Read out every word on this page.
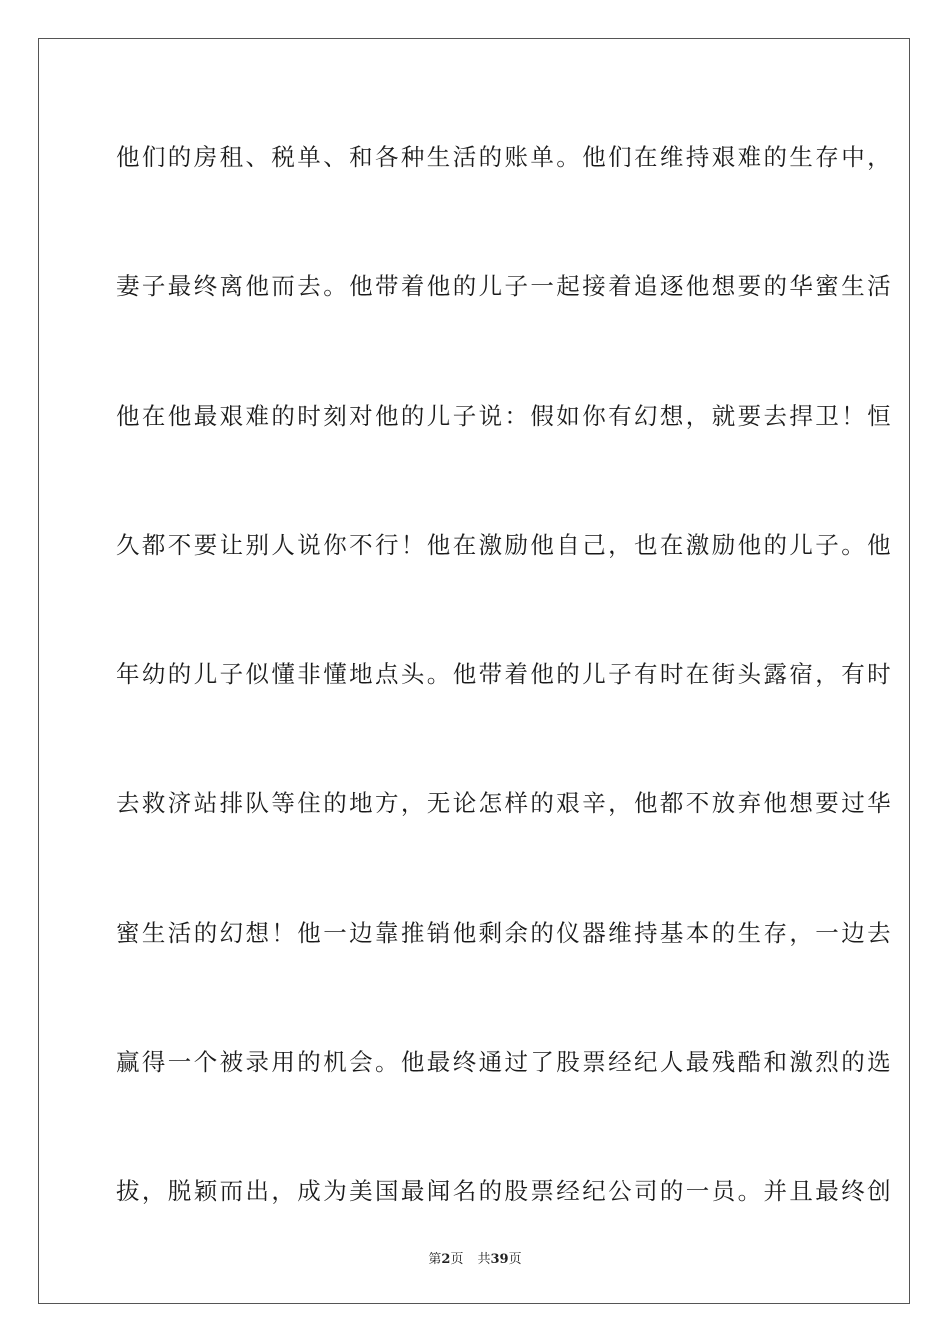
他们的房租、税单、和各种生活的账单。他们在维持艰难的生存中，
妻子最终离他而去。他带着他的儿子一起接着追逐他想要的华蜜生活
他在他最艰难的时刻对他的儿子说：假如你有幻想，就要去捍卫！恒
久都不要让别人说你不行！他在激励他自己，也在激励他的儿子。他
年幼的儿子似懂非懂地点头。他带着他的儿子有时在街头露宿，有时
去救济站排队等住的地方，无论怎样的艰辛，他都不放弃他想要过华
蜜生活的幻想！他一边靠推销他剩余的仪器维持基本的生存，一边去
赢得一个被录用的机会。他最终通过了股票经纪人最残酷和激烈的选
拔，脱颖而出，成为美国最闻名的股票经纪公司的一员。并且最终创
第2页 共39页
